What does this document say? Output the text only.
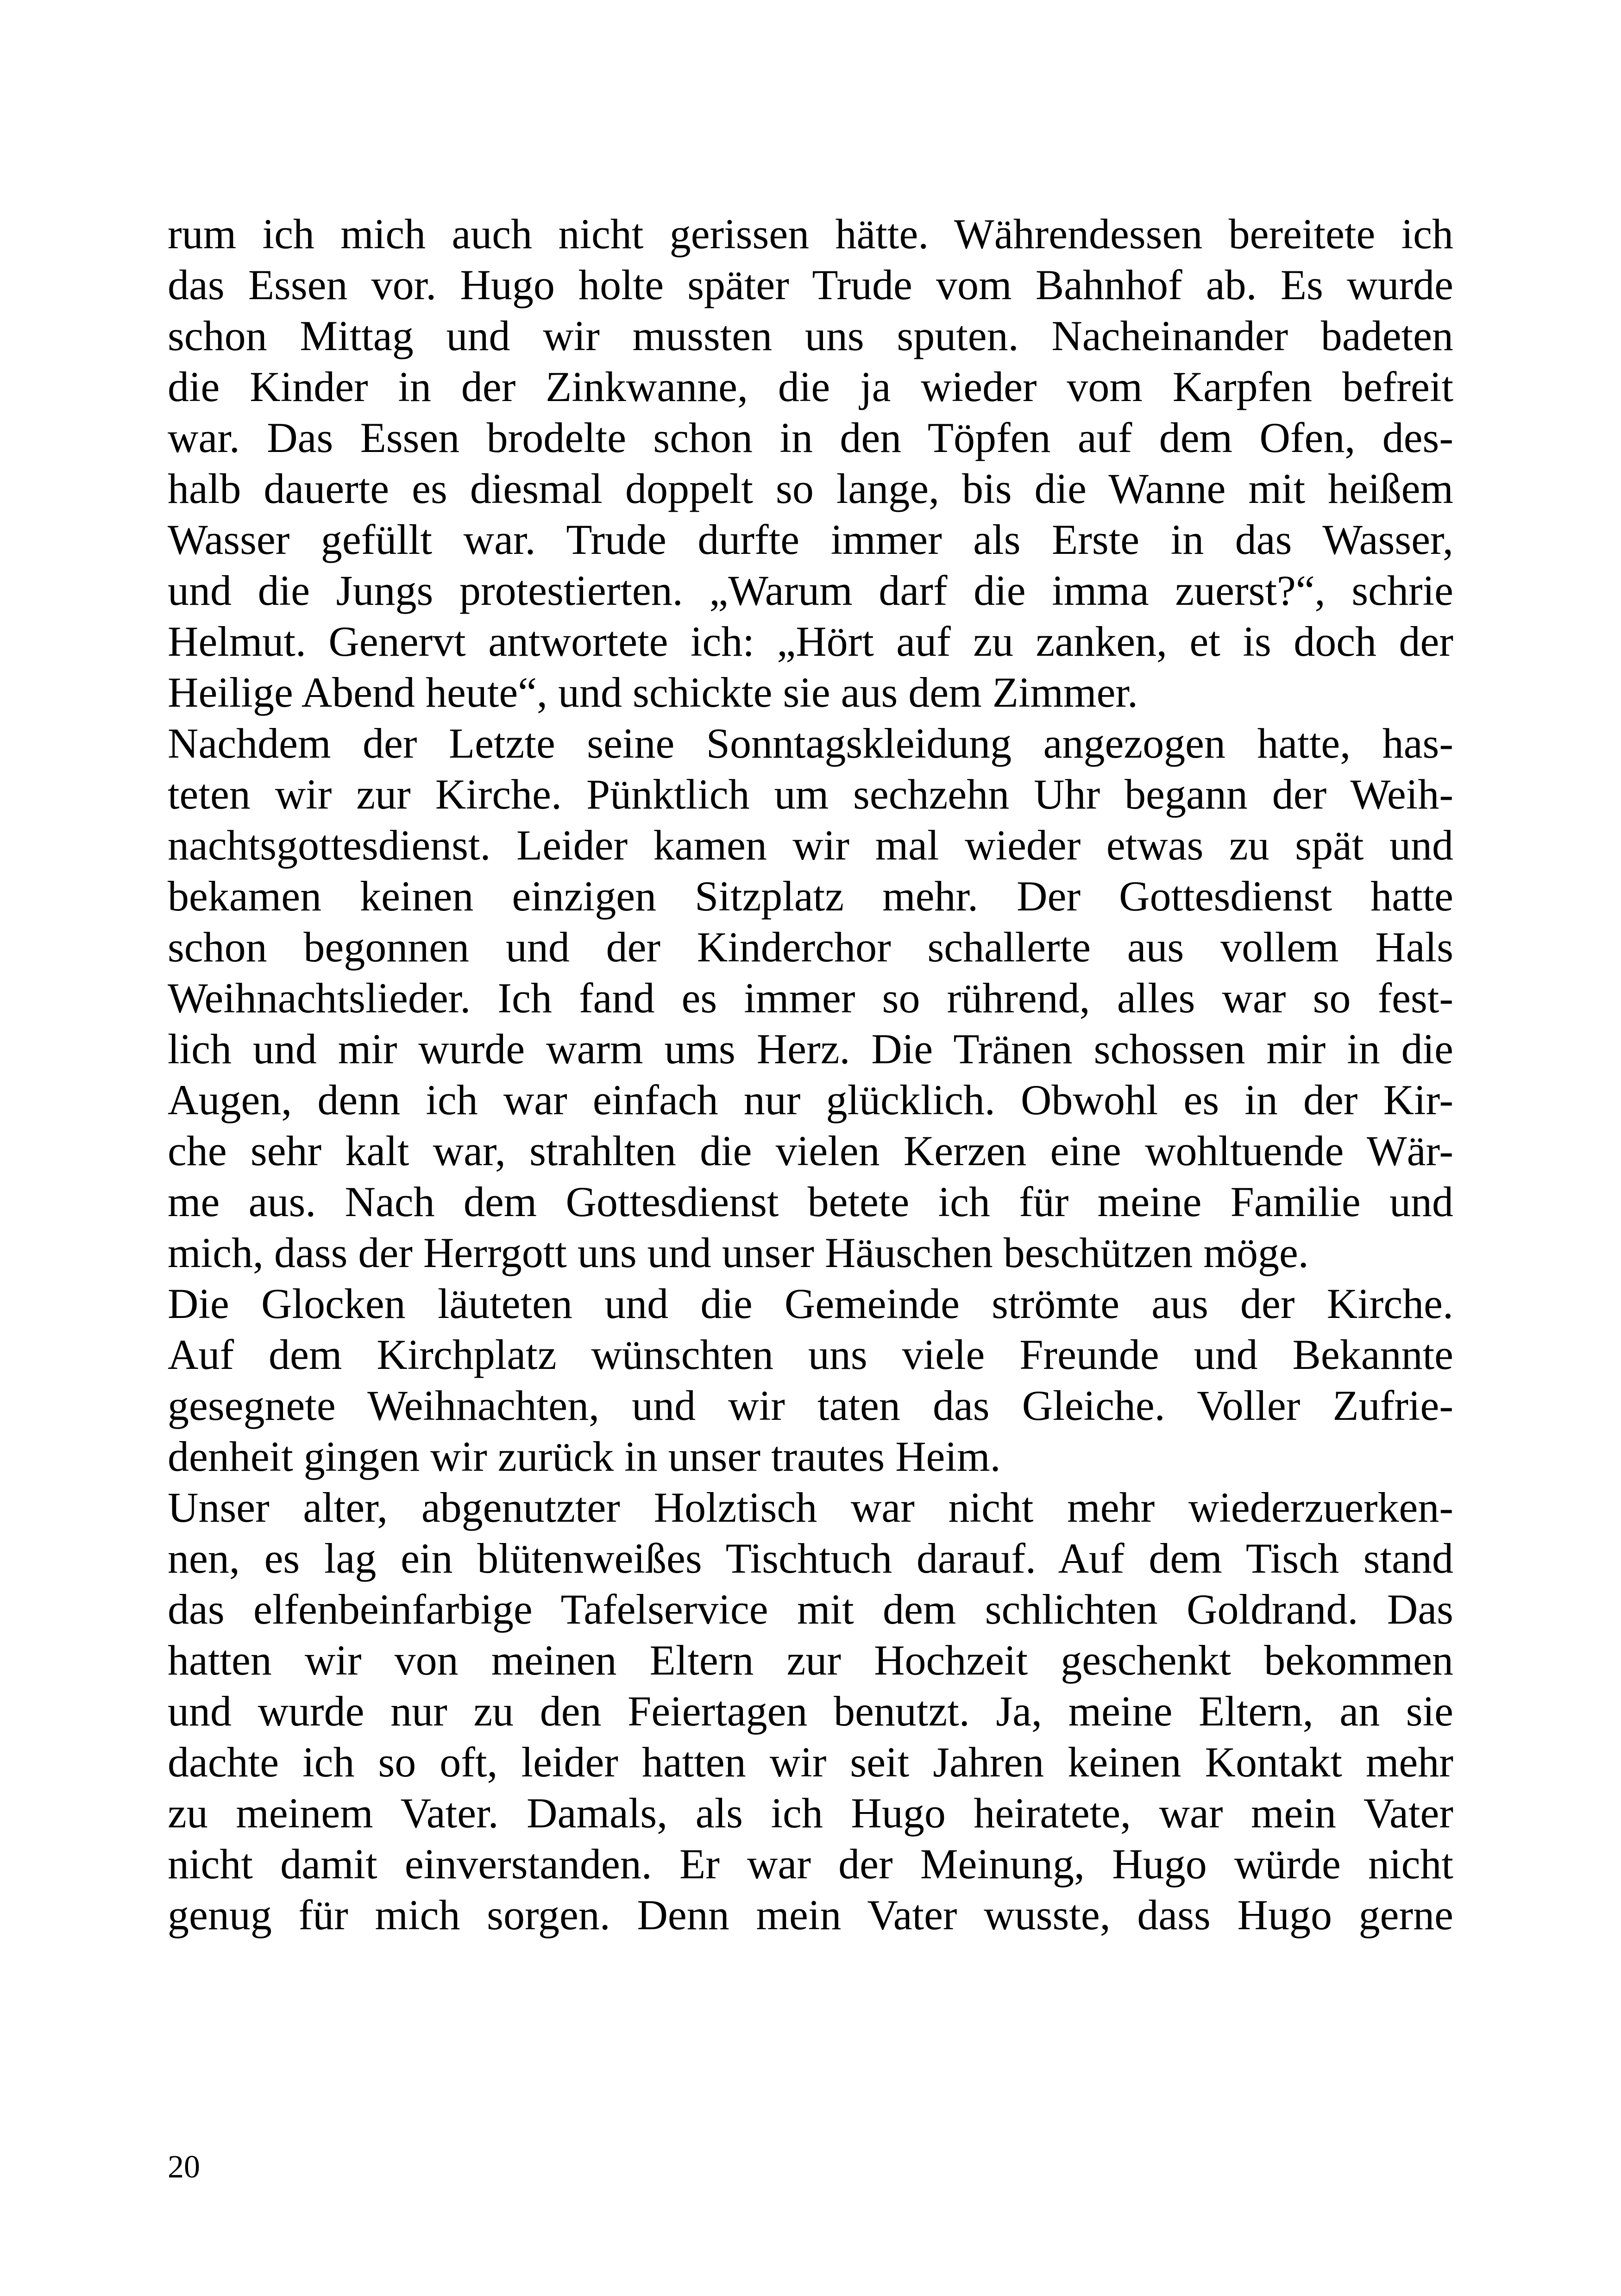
rum ich mich auch nicht gerissen hätte. Währendessen bereitete ich
das Essen vor. Hugo holte später Trude vom Bahnhof ab. Es wurde
schon Mittag und wir mussten uns sputen. Nacheinander badeten
die Kinder in der Zinkwanne, die ja wieder vom Karpfen befreit
war. Das Essen brodelte schon in den Töpfen auf dem Ofen, des-
halb dauerte es diesmal doppelt so lange, bis die Wanne mit heißem
Wasser gefüllt war. Trude durfte immer als Erste in das Wasser,
und die Jungs protestierten. „Warum darf die imma zuerst?“, schrie
Helmut. Genervt antwortete ich: „Hört auf zu zanken, et is doch der
Heilige Abend heute“, und schickte sie aus dem Zimmer.
Nachdem der Letzte seine Sonntagskleidung angezogen hatte, has-
teten wir zur Kirche. Pünktlich um sechzehn Uhr begann der Weih-
nachtsgottesdienst. Leider kamen wir mal wieder etwas zu spät und
bekamen keinen einzigen Sitzplatz mehr. Der Gottesdienst hatte
schon begonnen und der Kinderchor schallerte aus vollem Hals
Weihnachtslieder. Ich fand es immer so rührend, alles war so fest-
lich und mir wurde warm ums Herz. Die Tränen schossen mir in die
Augen, denn ich war einfach nur glücklich. Obwohl es in der Kir-
che sehr kalt war, strahlten die vielen Kerzen eine wohltuende Wär-
me aus. Nach dem Gottesdienst betete ich für meine Familie und
mich, dass der Herrgott uns und unser Häuschen beschützen möge.
Die Glocken läuteten und die Gemeinde strömte aus der Kirche.
Auf dem Kirchplatz wünschten uns viele Freunde und Bekannte
gesegnete Weihnachten, und wir taten das Gleiche. Voller Zufrie-
denheit gingen wir zurück in unser trautes Heim.
Unser alter, abgenutzter Holztisch war nicht mehr wiederzuerken-
nen, es lag ein blütenweißes Tischtuch darauf. Auf dem Tisch stand
das elfenbeinfarbige Tafelservice mit dem schlichten Goldrand. Das
hatten wir von meinen Eltern zur Hochzeit geschenkt bekommen
und wurde nur zu den Feiertagen benutzt. Ja, meine Eltern, an sie
dachte ich so oft, leider hatten wir seit Jahren keinen Kontakt mehr
zu meinem Vater. Damals, als ich Hugo heiratete, war mein Vater
nicht damit einverstanden. Er war der Meinung, Hugo würde nicht
genug für mich sorgen. Denn mein Vater wusste, dass Hugo gerne
20
